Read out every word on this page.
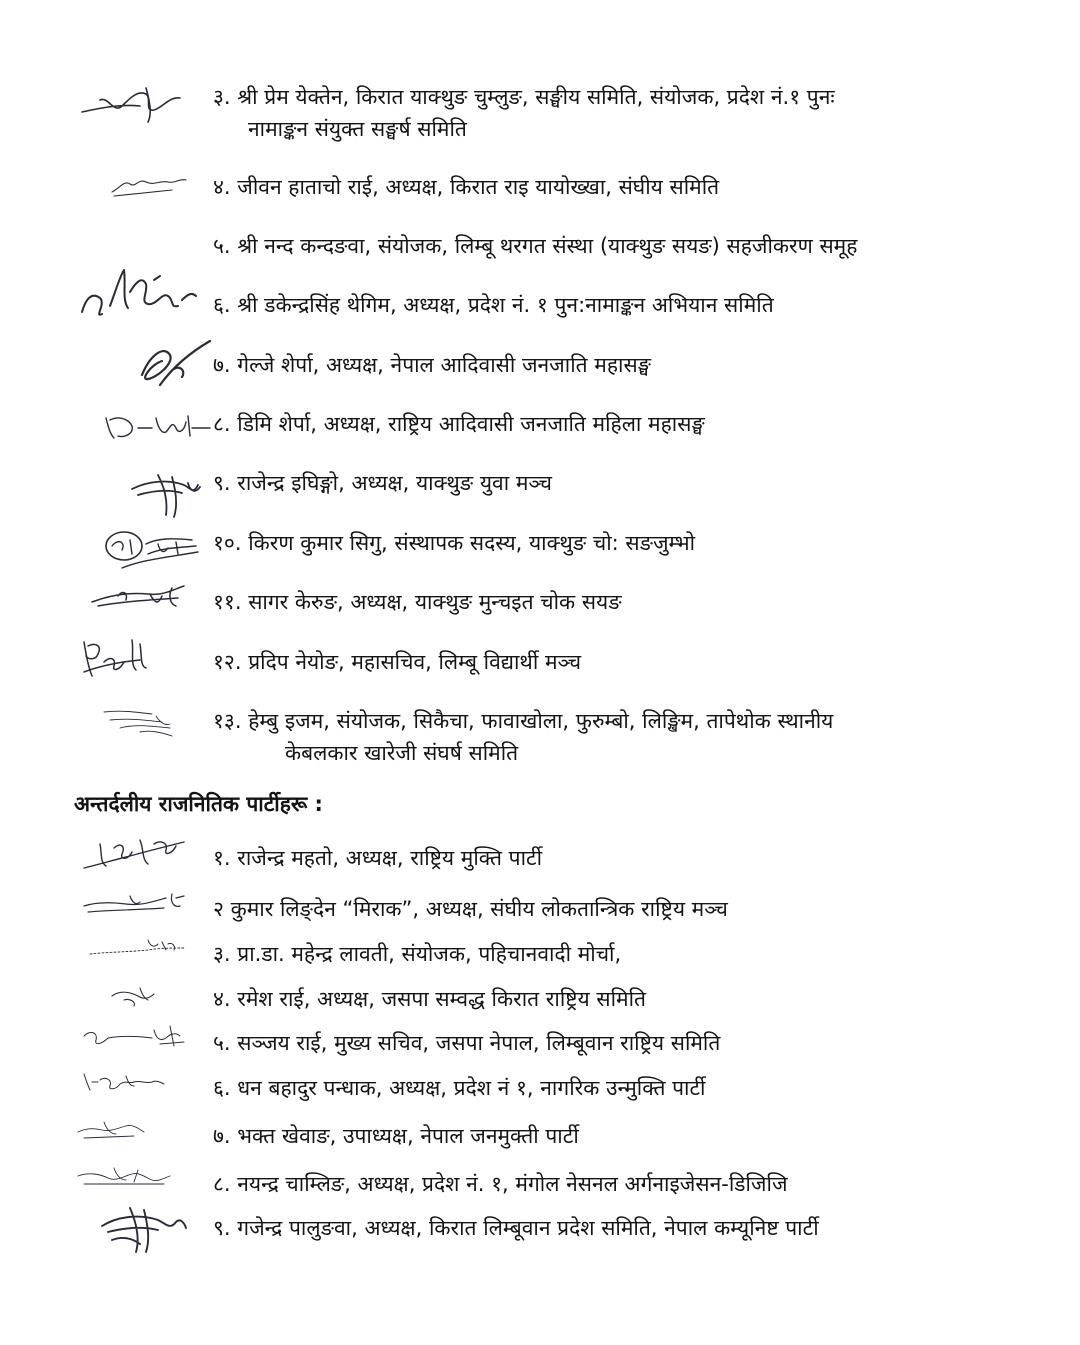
३. श्री प्रेम येक्तेन, किरात याक्थुङ चुम्लुङ, सङ्घीय समिति, संयोजक, प्रदेश नं.१ पुनः
नामाङ्कन संयुक्त सङ्घर्ष समिति
४. जीवन हाताचो राई, अध्यक्ष, किरात राइ यायोख्खा, संघीय समिति
५. श्री नन्द कन्दङवा, संयोजक, लिम्बू थरगत संस्था (याक्थुङ सयङ) सहजीकरण समूह
६. श्री डकेन्द्रसिंह थेगिम, अध्यक्ष, प्रदेश नं. १ पुन:नामाङ्कन अभियान समिति
७. गेल्जे शेर्पा, अध्यक्ष, नेपाल आदिवासी जनजाति महासङ्घ
८. डिमि शेर्पा, अध्यक्ष, राष्ट्रिय आदिवासी जनजाति महिला महासङ्घ
९. राजेन्द्र इघिङ्गो, अध्यक्ष, याक्थुङ युवा मञ्च
१०. किरण कुमार सिगु, संस्थापक सदस्य, याक्थुङ चो: सङजुम्भो
११. सागर केरुङ, अध्यक्ष, याक्थुङ मुन्चइत चोक सयङ
१२. प्रदिप नेयोङ, महासचिव, लिम्बू विद्यार्थी मञ्च
१३. हेम्बु इजम, संयोजक, सिकैचा, फावाखोला, फुरुम्बो, लिङ्खिम, तापेथोक स्थानीय
केबलकार खारेजी संघर्ष समिति
अन्तर्दलीय राजनितिक पार्टीहरू :
१. राजेन्द्र महतो, अध्यक्ष, राष्ट्रिय मुक्ति पार्टी
२ कुमार लिङ्देन “मिराक”, अध्यक्ष, संघीय लोकतान्त्रिक राष्ट्रिय मञ्च
३. प्रा.डा. महेन्द्र लावती, संयोजक, पहिचानवादी मोर्चा,
४. रमेश राई, अध्यक्ष, जसपा सम्वद्ध किरात राष्ट्रिय समिति
५. सञ्जय राई, मुख्य सचिव, जसपा नेपाल, लिम्बूवान राष्ट्रिय समिति
६. धन बहादुर पन्धाक, अध्यक्ष, प्रदेश नं १, नागरिक उन्मुक्ति पार्टी
७. भक्त खेवाङ, उपाध्यक्ष, नेपाल जनमुक्ती पार्टी
८. नयन्द्र चाम्लिङ, अध्यक्ष, प्रदेश नं. १, मंगोल नेसनल अर्गनाइजेसन-डिजिजि
९. गजेन्द्र पालुङवा, अध्यक्ष, किरात लिम्बूवान प्रदेश समिति, नेपाल कम्यूनिष्ट पार्टी
